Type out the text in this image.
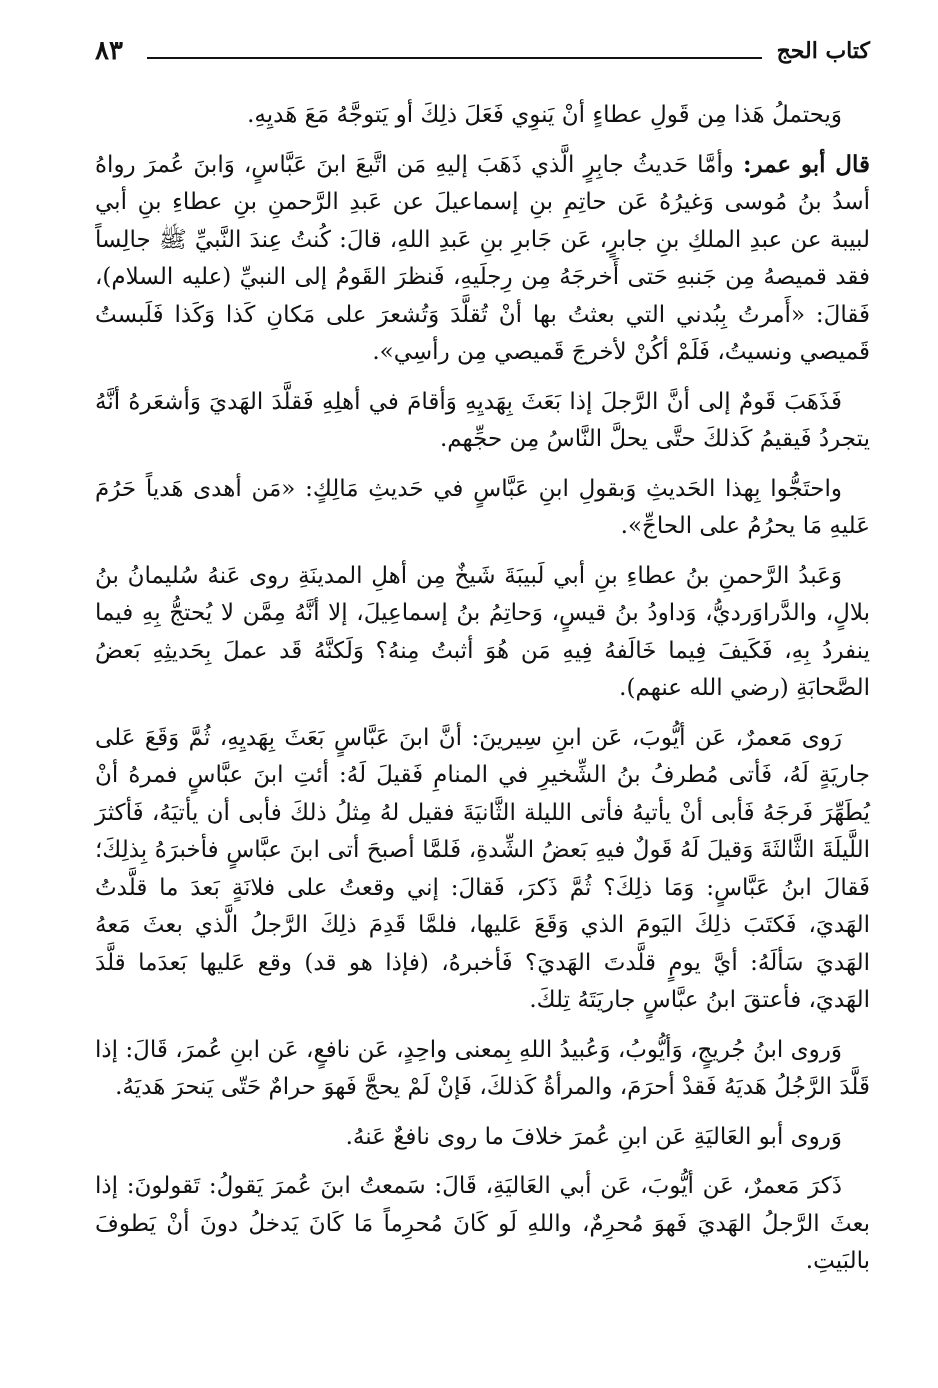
كتاب الحج
٨٣

وَيحتملُ هَذا مِن قَولِ عطاءٍ أنْ يَنوِي فَعَلَ ذلِكَ أو يَتوجَّهُ مَعَ هَديِهِ.

قال أبو عمر: وأمَّا حَديثُ جابِرٍ الَّذي ذَهَبَ إليهِ مَن اتَّبعَ ابنَ عَبَّاسٍ، وَابنَ عُمرَ رواهُ أسدُ بنُ مُوسى وَغيرُهُ عَن حاتِمِ بنِ إسماعيلَ عن عَبدِ الرَّحمنِ بنِ عطاءِ بنِ أبي لبيبة عن عبدِ الملكِ بنِ جابرٍ، عَن جَابرِ بنِ عَبدِ اللهِ، قالَ: كُنتُ عِندَ النَّبيِّ ﷺ جالِساً فقد قميصهُ مِن جَنبهِ حَتى أَخرجَهُ مِن رِجلَيهِ، فَنظرَ القَومُ إلى النبيِّ (عليه السلام)، فَقالَ: «أَمرتُ بِبُدني التي بعثتُ بها أنْ تُقلَّدَ وَتُشعرَ على مَكانِ كَذا وَكَذا فَلَبستُ قَميصي ونسيتُ، فَلَمْ أكُنْ لأخرجَ قَميصي مِن رأسِي».

فَذَهَبَ قَومٌ إلى أنَّ الرَّجلَ إذا بَعَثَ بِهَديِهِ وَأقامَ في أهلِهِ فَقلَّدَ الهَديَ وَأشعَرهُ أنَّهُ يتجردُ فَيقيمُ كَذلكَ حتَّى يحلَّ النَّاسُ مِن حجِّهم.

واحتَجُّوا بِهذا الحَديثِ وَبقولِ ابنِ عَبَّاسٍ في حَديثِ مَالِكٍ: «مَن أهدى هَدياً حَرُمَ عَليهِ مَا يحرُمُ على الحاجِّ».

وَعَبدُ الرَّحمنِ بنُ عطاءِ بنِ أبي لَبيبَةَ شَيخٌ مِن أهلِ المدينَةِ روى عَنهُ سُليمانُ بنُ بلالٍ، والدَّراوَرديُّ، وَداودُ بنُ قيسٍ، وَحاتِمُ بنُ إسماعِيلَ، إلا أنَّهُ مِمَّن لا يُحتجُّ بِهِ فيما ينفردُ بِهِ، فَكَيفَ فِيما خَالَفهُ فِيهِ مَن هُوَ أثبتُ مِنهُ؟ وَلَكنَّهُ قَد عملَ بِحَديثِهِ بَعضُ الصَّحابَةِ (رضي الله عنهم).

رَوى مَعمرٌ، عَن أيُّوبَ، عَن ابنِ سِيرينَ: أنَّ ابنَ عَبَّاسٍ بَعَثَ بِهَديِهِ، ثُمَّ وَقَعَ عَلى جاريَةٍ لَهُ، فَأتى مُطرفُ بنُ الشِّخيرِ في المنامِ فَقيلَ لَهُ: أئتِ ابنَ عبَّاسٍ فمرهُ أنْ يُطَهِّرَ فَرجَهُ فَأبى أنْ يأتيهُ فأتى الليلة الثَّانيَةَ فقيل لهُ مِثلُ ذلكَ فأبى أن يأتيَهُ، فَأكثرَ اللَّيلَةَ الثَّالثَةَ وَقيلَ لَهُ قَولٌ فيهِ بَعضُ الشِّدةِ، فَلمَّا أصبحَ أتى ابنَ عبَّاسٍ فأخبرَهُ بِذلِكَ؛ فَقالَ ابنُ عَبَّاسٍ: وَمَا ذلِكَ؟ ثُمَّ ذَكرَ، فَقالَ: إني وقعتُ على فلانَةٍ بَعدَ ما قلَّدتُ الهَديَ، فَكتَبَ ذلِكَ اليَومَ الذي وَقَعَ عَليها، فلمَّا قَدِمَ ذلِكَ الرَّجلُ الَّذي بعثَ مَعهُ الهَديَ سَألَهُ: أيَّ يومٍ قلَّدتَ الهَديَ؟ فَأخبرهُ، (فإذا هو قد) وقع عَليها بَعدَما قلَّدَ الهَديَ، فأعتقَ ابنُ عبَّاسٍ جاريَتَهُ تِلكَ.

وَروى ابنُ جُريجٍ، وَأيُّوبُ، وَعُبيدُ اللهِ بِمعنى واحِدٍ، عَن نافعٍ، عَن ابنِ عُمرَ، قَالَ: إذا قَلَّدَ الرَّجُلُ هَديَهُ فَقدْ أحرَمَ، والمرأةُ كَذلكَ، فَإنْ لَمْ يحجَّ فَهوَ حرامٌ حَتّى يَنحرَ هَديَهُ.

وَروى أبو العَاليَةِ عَن ابنِ عُمرَ خلافَ ما روى نافعٌ عَنهُ.

ذَكرَ مَعمرٌ، عَن أيُّوبَ، عَن أبي العَاليَةِ، قَالَ: سَمعتُ ابنَ عُمرَ يَقولُ: تَقولونَ: إذا بعثَ الرَّجلُ الهَديَ فَهوَ مُحرِمٌ، واللهِ لَو كَانَ مُحرِماً مَا كَانَ يَدخلُ دونَ أنْ يَطوفَ بالبَيتِ.
